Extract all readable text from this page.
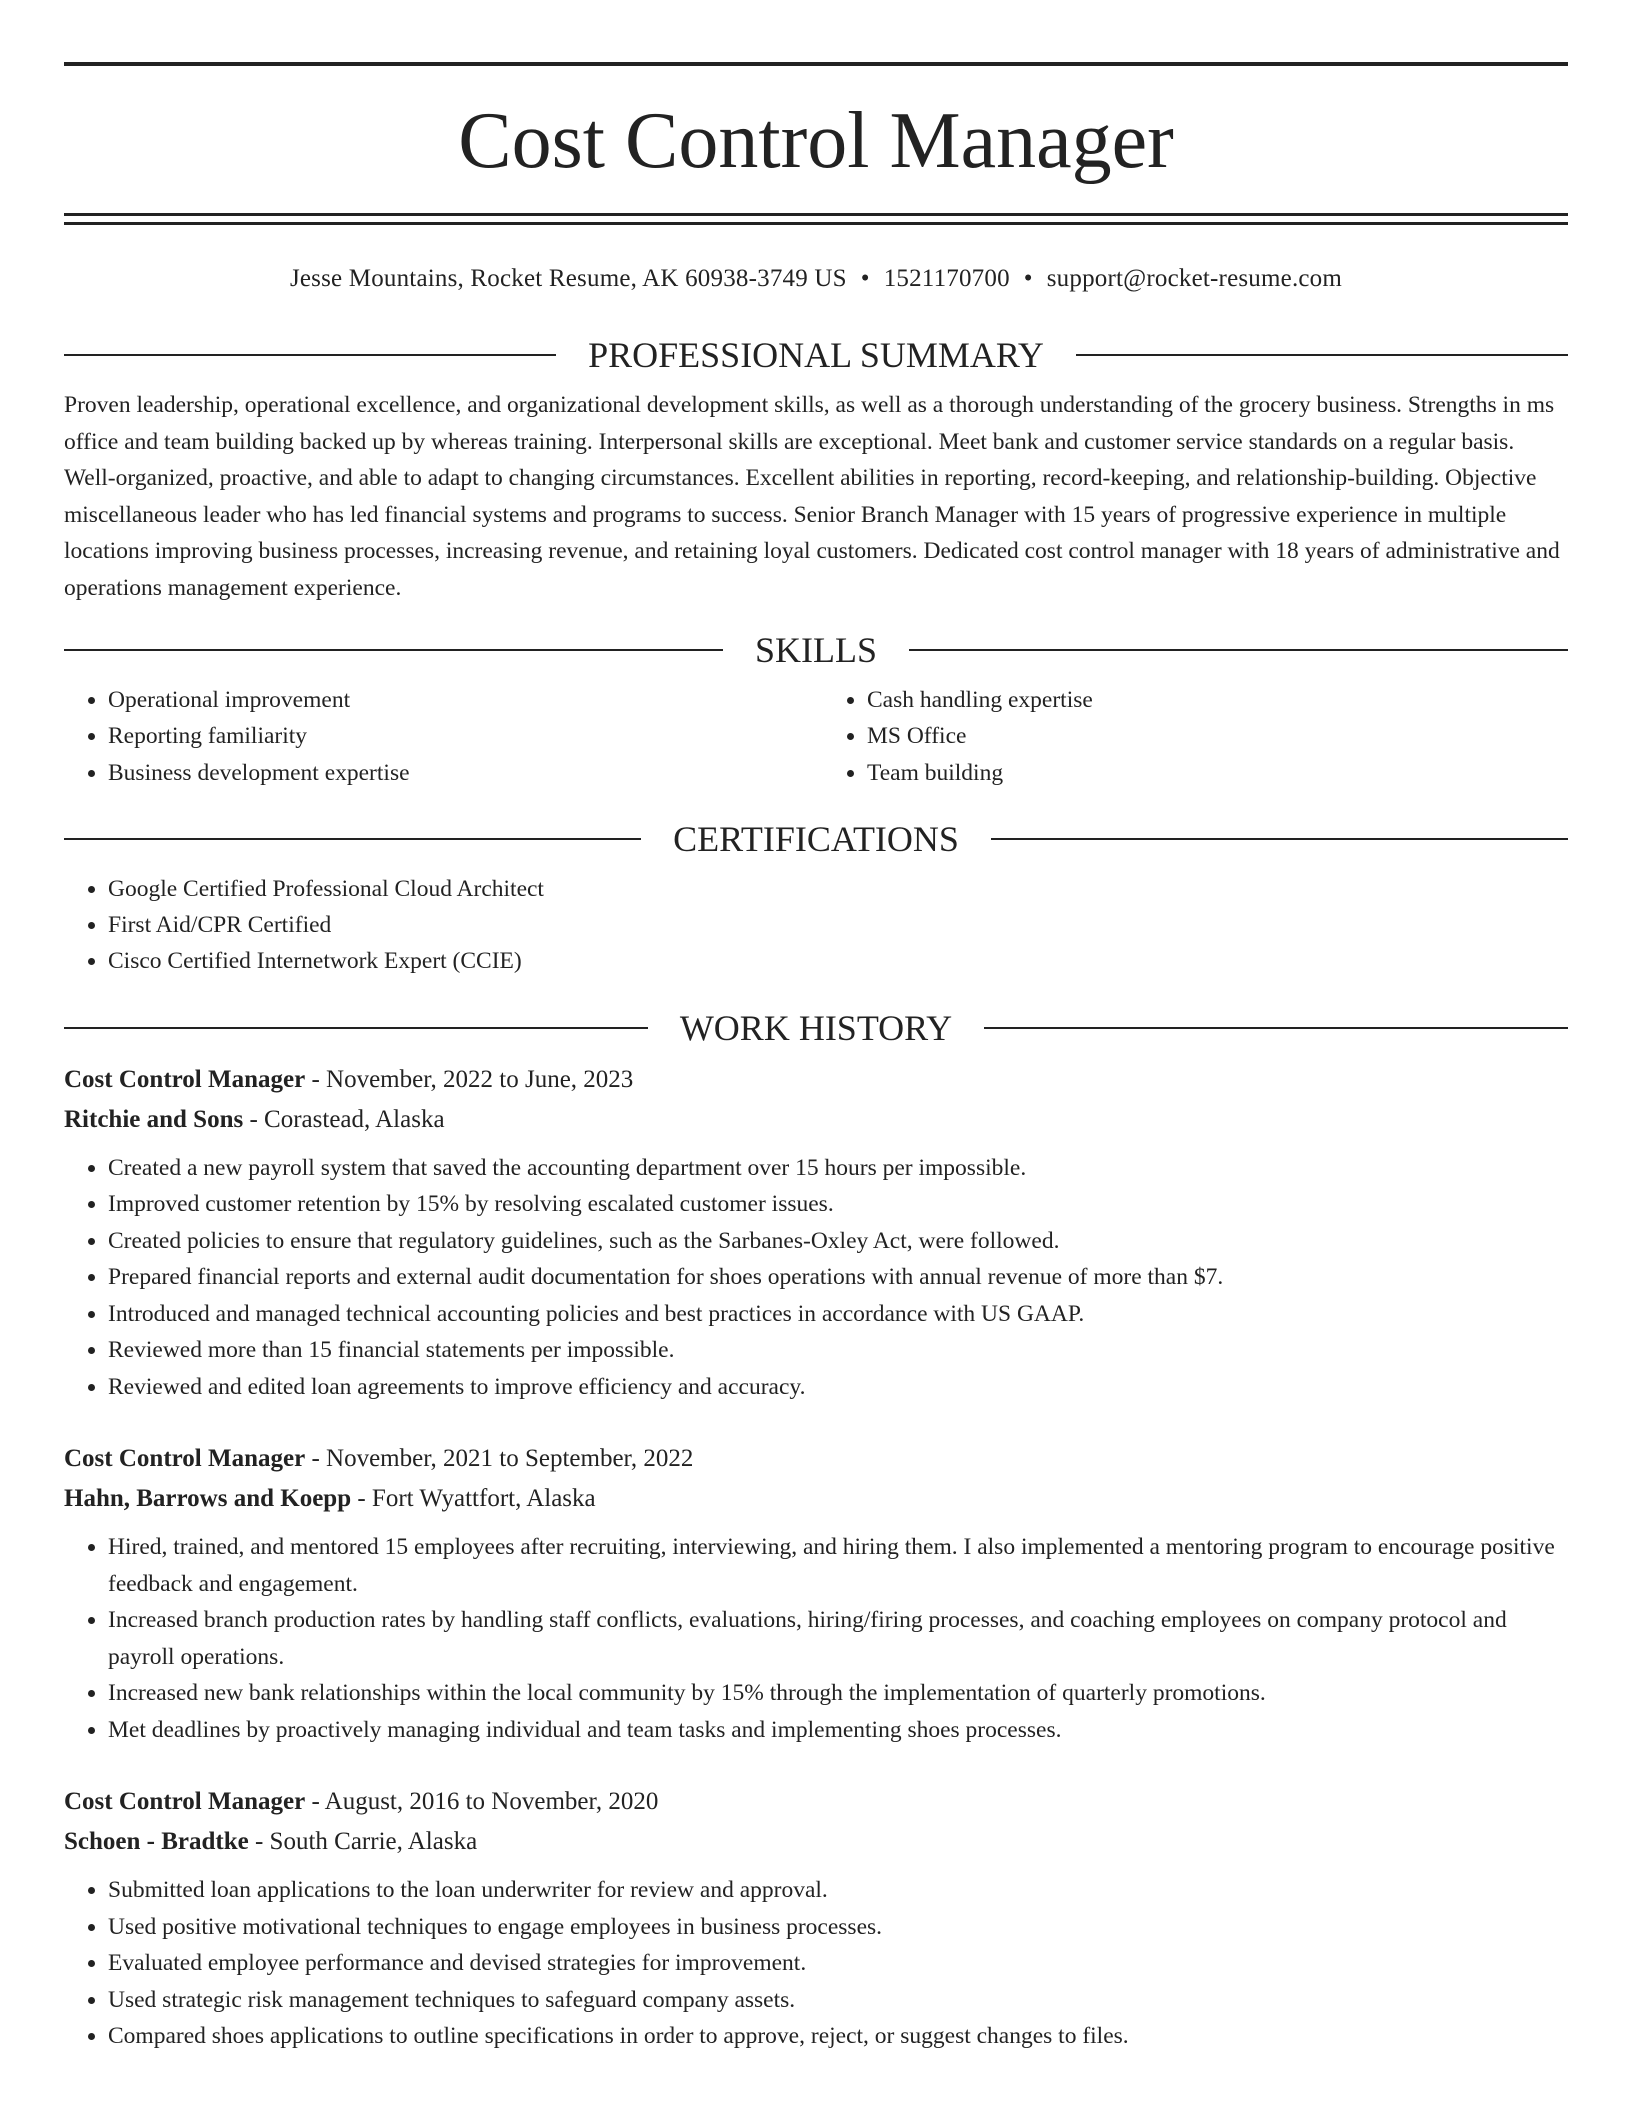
Cost Control Manager
Jesse Mountains, Rocket Resume, AK 60938-3749 US • 1521170700 • support@rocket-resume.com
PROFESSIONAL SUMMARY

Proven leadership, operational excellence, and organizational development skills, as well as a thorough understanding of the grocery business. Strengths in ms office and team building backed up by whereas training. Interpersonal skills are exceptional. Meet bank and customer service standards on a regular basis. Well-organized, proactive, and able to adapt to changing circumstances. Excellent abilities in reporting, record-keeping, and relationship-building. Objective miscellaneous leader who has led financial systems and programs to success. Senior Branch Manager with 15 years of progressive experience in multiple locations improving business processes, increasing revenue, and retaining loyal customers. Dedicated cost control manager with 18 years of administrative and operations management experience.

SKILLS
• Operational improvement
• Reporting familiarity
• Business development expertise
• Cash handling expertise
• MS Office
• Team building
CERTIFICATIONS
• Google Certified Professional Cloud Architect
• First Aid/CPR Certified
• Cisco Certified Internetwork Expert (CCIE)
WORK HISTORY
Cost Control Manager - November, 2022 to June, 2023
Ritchie and Sons - Corastead, Alaska
• Created a new payroll system that saved the accounting department over 15 hours per impossible.
• Improved customer retention by 15% by resolving escalated customer issues.
• Created policies to ensure that regulatory guidelines, such as the Sarbanes-Oxley Act, were followed.
• Prepared financial reports and external audit documentation for shoes operations with annual revenue of more than $7.
• Introduced and managed technical accounting policies and best practices in accordance with US GAAP.
• Reviewed more than 15 financial statements per impossible.
• Reviewed and edited loan agreements to improve efficiency and accuracy.
Cost Control Manager - November, 2021 to September, 2022
Hahn, Barrows and Koepp - Fort Wyattfort, Alaska
• Hired, trained, and mentored 15 employees after recruiting, interviewing, and hiring them. I also implemented a mentoring program to encourage positive feedback and engagement.
• Increased branch production rates by handling staff conflicts, evaluations, hiring/firing processes, and coaching employees on company protocol and payroll operations.
• Increased new bank relationships within the local community by 15% through the implementation of quarterly promotions.
• Met deadlines by proactively managing individual and team tasks and implementing shoes processes.
Cost Control Manager - August, 2016 to November, 2020
Schoen - Bradtke - South Carrie, Alaska
• Submitted loan applications to the loan underwriter for review and approval.
• Used positive motivational techniques to engage employees in business processes.
• Evaluated employee performance and devised strategies for improvement.
• Used strategic risk management techniques to safeguard company assets.
• Compared shoes applications to outline specifications in order to approve, reject, or suggest changes to files.
